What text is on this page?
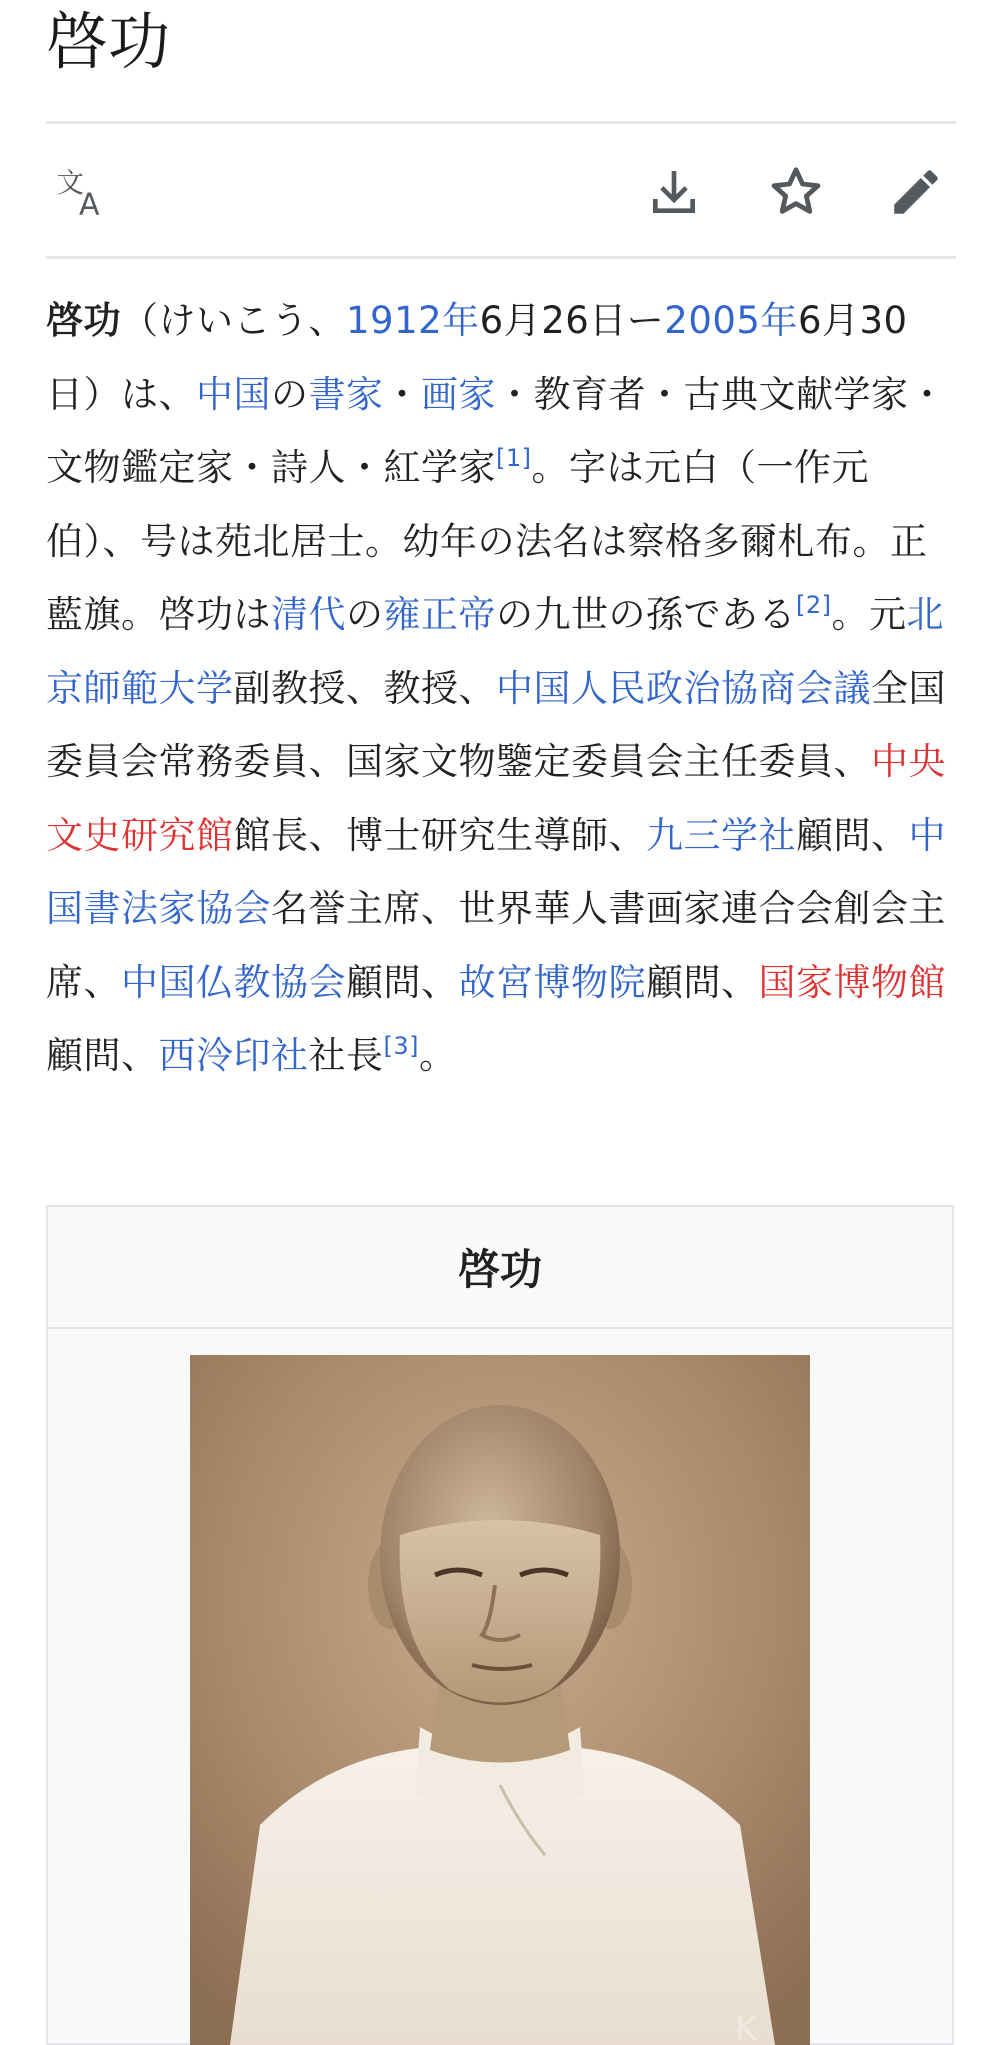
啓功
文
A

啓功（けいこう、1912年6月26日ー2005年6月30日）は、中国の書家・画家・教育者・古典文献学家・文物鑑定家・詩人・紅学家[1]。字は元白（一作元伯）、号は苑北居士。幼年の法名は察格多爾札布。正藍旗。啓功は清代の雍正帝の九世の孫である[2]。元北京師範大学副教授、教授、中国人民政治協商会議全国委員会常務委員、国家文物鑒定委員会主任委員、中央文史研究館館長、博士研究生導師、九三学社顧問、中国書法家協会名誉主席、世界華人書画家連合会創会主席、中国仏教協会顧問、故宮博物院顧問、国家博物館顧問、西泠印社社長[3]。

啓功
K
